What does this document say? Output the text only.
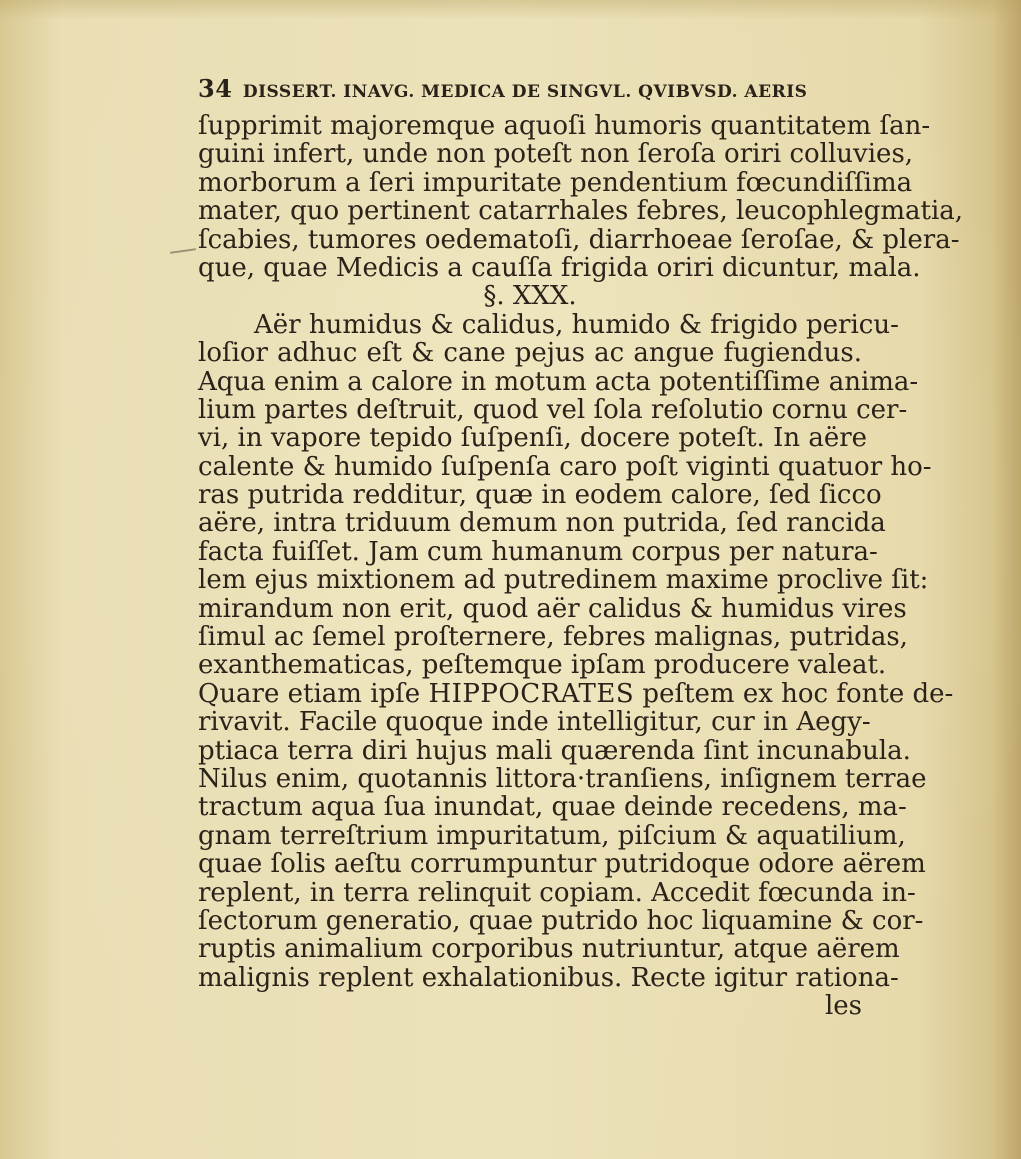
34 DISSERT. INAVG. MEDICA DE SINGVL. QVIBVSD. AERIS
ſupprimit majoremque aquoſi humoris quantitatem ſan-
guini infert, unde non poteſt non ſeroſa oriri colluvies,
morborum a ſeri impuritate pendentium fœcundiſſima
mater, quo pertinent catarrhales febres, leucophlegmatia,
ſcabies, tumores oedematoſi, diarrhoeae ſeroſae, & plera-
que, quae Medicis a cauſſa frigida oriri dicuntur, mala.
§. XXX.
Aër humidus & calidus, humido & frigido pericu-
loſior adhuc eſt & cane pejus ac angue fugiendus.
Aqua enim a calore in motum acta potentiſſime anima-
lium partes deſtruit, quod vel ſola reſolutio cornu cer-
vi, in vapore tepido ſuſpenſi, docere poteſt. In aëre
calente & humido ſuſpenſa caro poſt viginti quatuor ho-
ras putrida redditur, quæ in eodem calore, ſed ſicco
aëre, intra triduum demum non putrida, ſed rancida
facta fuiſſet. Jam cum humanum corpus per natura-
lem ejus mixtionem ad putredinem maxime proclive ſit:
mirandum non erit, quod aër calidus & humidus vires
ſimul ac ſemel proſternere, febres malignas, putridas,
exanthematicas, peſtemque ipſam producere valeat.
Quare etiam ipſe HIPPOCRATES peſtem ex hoc fonte de-
rivavit. Facile quoque inde intelligitur, cur in Aegy-
ptiaca terra diri hujus mali quærenda ſint incunabula.
Nilus enim, quotannis littora·tranſiens, inſignem terrae
tractum aqua ſua inundat, quae deinde recedens, ma-
gnam terreſtrium impuritatum, piſcium & aquatilium,
quae ſolis aeſtu corrumpuntur putridoque odore aërem
replent, in terra relinquit copiam. Accedit fœcunda in-
ſectorum generatio, quae putrido hoc liquamine & cor-
ruptis animalium corporibus nutriuntur, atque aërem
malignis replent exhalationibus. Recte igitur rationa-
les
